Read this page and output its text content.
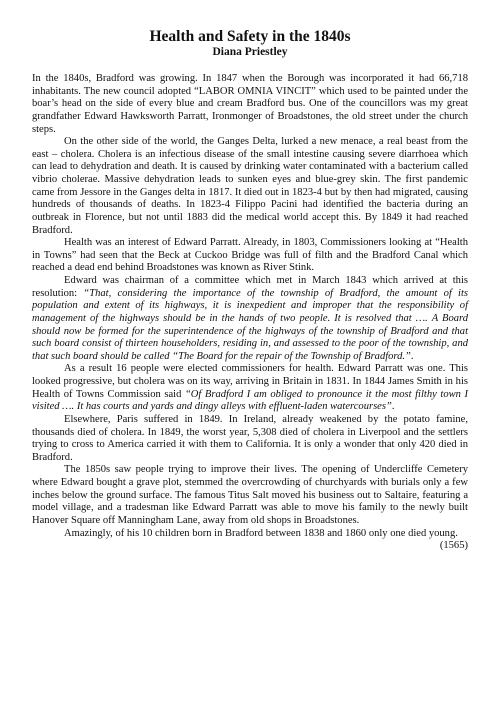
Health and Safety in the 1840s
Diana Priestley

In the 1840s, Bradford was growing. In 1847 when the Borough was incorporated it had 66,718 inhabitants. The new council adopted “LABOR OMNIA VINCIT” which used to be painted under the boar’s head on the side of every blue and cream Bradford bus. One of the councillors was my great grandfather Edward Hawksworth Parratt, Ironmonger of Broadstones, the old street under the church steps.

On the other side of the world, the Ganges Delta, lurked a new menace, a real beast from the east – cholera. Cholera is an infectious disease of the small intestine causing severe diarrhoea which can lead to dehydration and death. It is caused by drinking water contaminated with a bacterium called vibrio cholerae. Massive dehydration leads to sunken eyes and blue-grey skin. The first pandemic came from Jessore in the Ganges delta in 1817. It died out in 1823-4 but by then had migrated, causing hundreds of thousands of deaths. In 1823-4 Filippo Pacini had identified the bacteria during an outbreak in Florence, but not until 1883 did the medical world accept this. By 1849 it had reached Bradford.

Health was an interest of Edward Parratt. Already, in 1803, Commissioners looking at “Health in Towns” had seen that the Beck at Cuckoo Bridge was full of filth and the Bradford Canal which reached a dead end behind Broadstones was known as River Stink.

Edward was chairman of a committee which met in March 1843 which arrived at this resolution: “That, considering the importance of the township of Bradford, the amount of its population and extent of its highways, it is inexpedient and improper that the responsibility of management of the highways should be in the hands of two people. It is resolved that …. A Board should now be formed for the superintendence of the highways of the township of Bradford and that such board consist of thirteen householders, residing in, and assessed to the poor of the township, and that such board should be called “The Board for the repair of the Township of Bradford.”.

As a result 16 people were elected commissioners for health. Edward Parratt was one. This looked progressive, but cholera was on its way, arriving in Britain in 1831. In 1844 James Smith in his Health of Towns Commission said “Of Bradford I am obliged to pronounce it the most filthy town I visited …. It has courts and yards and dingy alleys with effluent-laden watercourses”.

Elsewhere, Paris suffered in 1849. In Ireland, already weakened by the potato famine, thousands died of cholera. In 1849, the worst year, 5,308 died of cholera in Liverpool and the settlers trying to cross to America carried it with them to California. It is only a wonder that only 420 died in Bradford.

The 1850s saw people trying to improve their lives. The opening of Undercliffe Cemetery where Edward bought a grave plot, stemmed the overcrowding of churchyards with burials only a few inches below the ground surface. The famous Titus Salt moved his business out to Saltaire, featuring a model village, and a tradesman like Edward Parratt was able to move his family to the newly built Hanover Square off Manningham Lane, away from old shops in Broadstones.

Amazingly, of his 10 children born in Bradford between 1838 and 1860 only one died young.
(1565)
